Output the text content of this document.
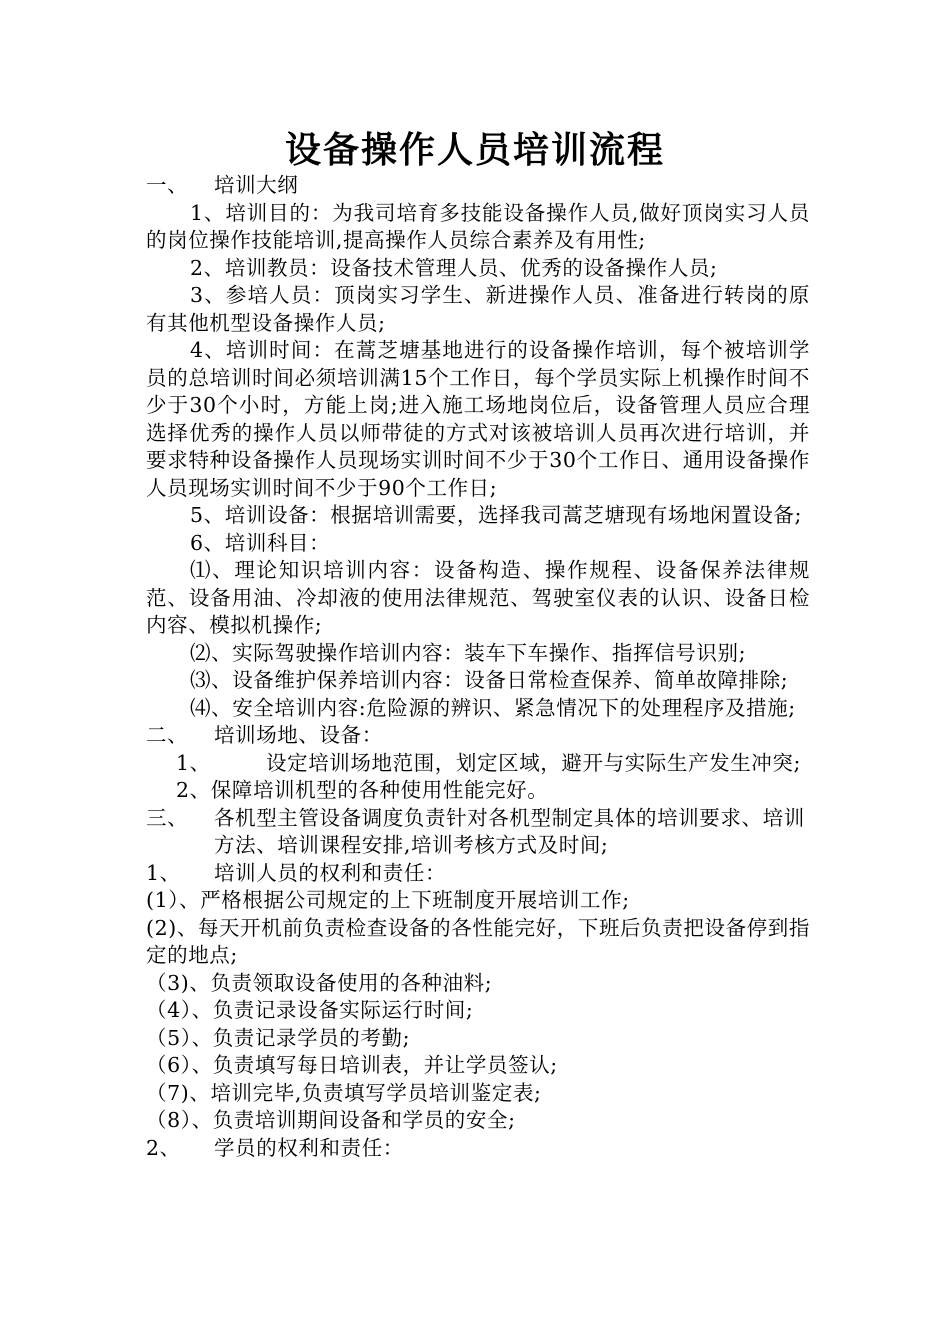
设备操作人员培训流程
一、	培训大纲

1、培训目的：为我司培育多技能设备操作人员,做好顶岗实习人员的岗位操作技能培训,提高操作人员综合素养及有用性;

2、培训教员：设备技术管理人员、优秀的设备操作人员;

3、参培人员：顶岗实习学生、新进操作人员、准备进行转岗的原有其他机型设备操作人员;

4、培训时间：在蒿芝塘基地进行的设备操作培训，每个被培训学员的总培训时间必须培训满15个工作日，每个学员实际上机操作时间不少于30个小时，方能上岗;进入施工场地岗位后，设备管理人员应合理选择优秀的操作人员以师带徒的方式对该被培训人员再次进行培训，并要求特种设备操作人员现场实训时间不少于30个工作日、通用设备操作人员现场实训时间不少于90个工作日;

5、培训设备：根据培训需要，选择我司蒿芝塘现有场地闲置设备;

6、培训科目：

⑴、理论知识培训内容：设备构造、操作规程、设备保养法律规范、设备用油、冷却液的使用法律规范、驾驶室仪表的认识、设备日检内容、模拟机操作;

⑵、实际驾驶操作培训内容：装车下车操作、指挥信号识别;

⑶、设备维护保养培训内容：设备日常检查保养、简单故障排除;

⑷、安全培训内容:危险源的辨识、紧急情况下的处理程序及措施;

二、	培训场地、设备：
1、	设定培训场地范围，划定区域，避开与实际生产发生冲突;

2、保障培训机型的各种使用性能完好。

三、	各机型主管设备调度负责针对各机型制定具体的培训要求、培训方法、培训课程安排,培训考核方式及时间;
1、	培训人员的权利和责任：

(1）、严格根据公司规定的上下班制度开展培训工作;

(2)、每天开机前负责检查设备的各性能完好，下班后负责把设备停到指定的地点;

（3)、负责领取设备使用的各种油料;

（4）、负责记录设备实际运行时间;

（5）、负责记录学员的考勤;

（6）、负责填写每日培训表，并让学员签认;

（7)、培训完毕,负责填写学员培训鉴定表;

（8）、负责培训期间设备和学员的安全;

2、	学员的权利和责任：
